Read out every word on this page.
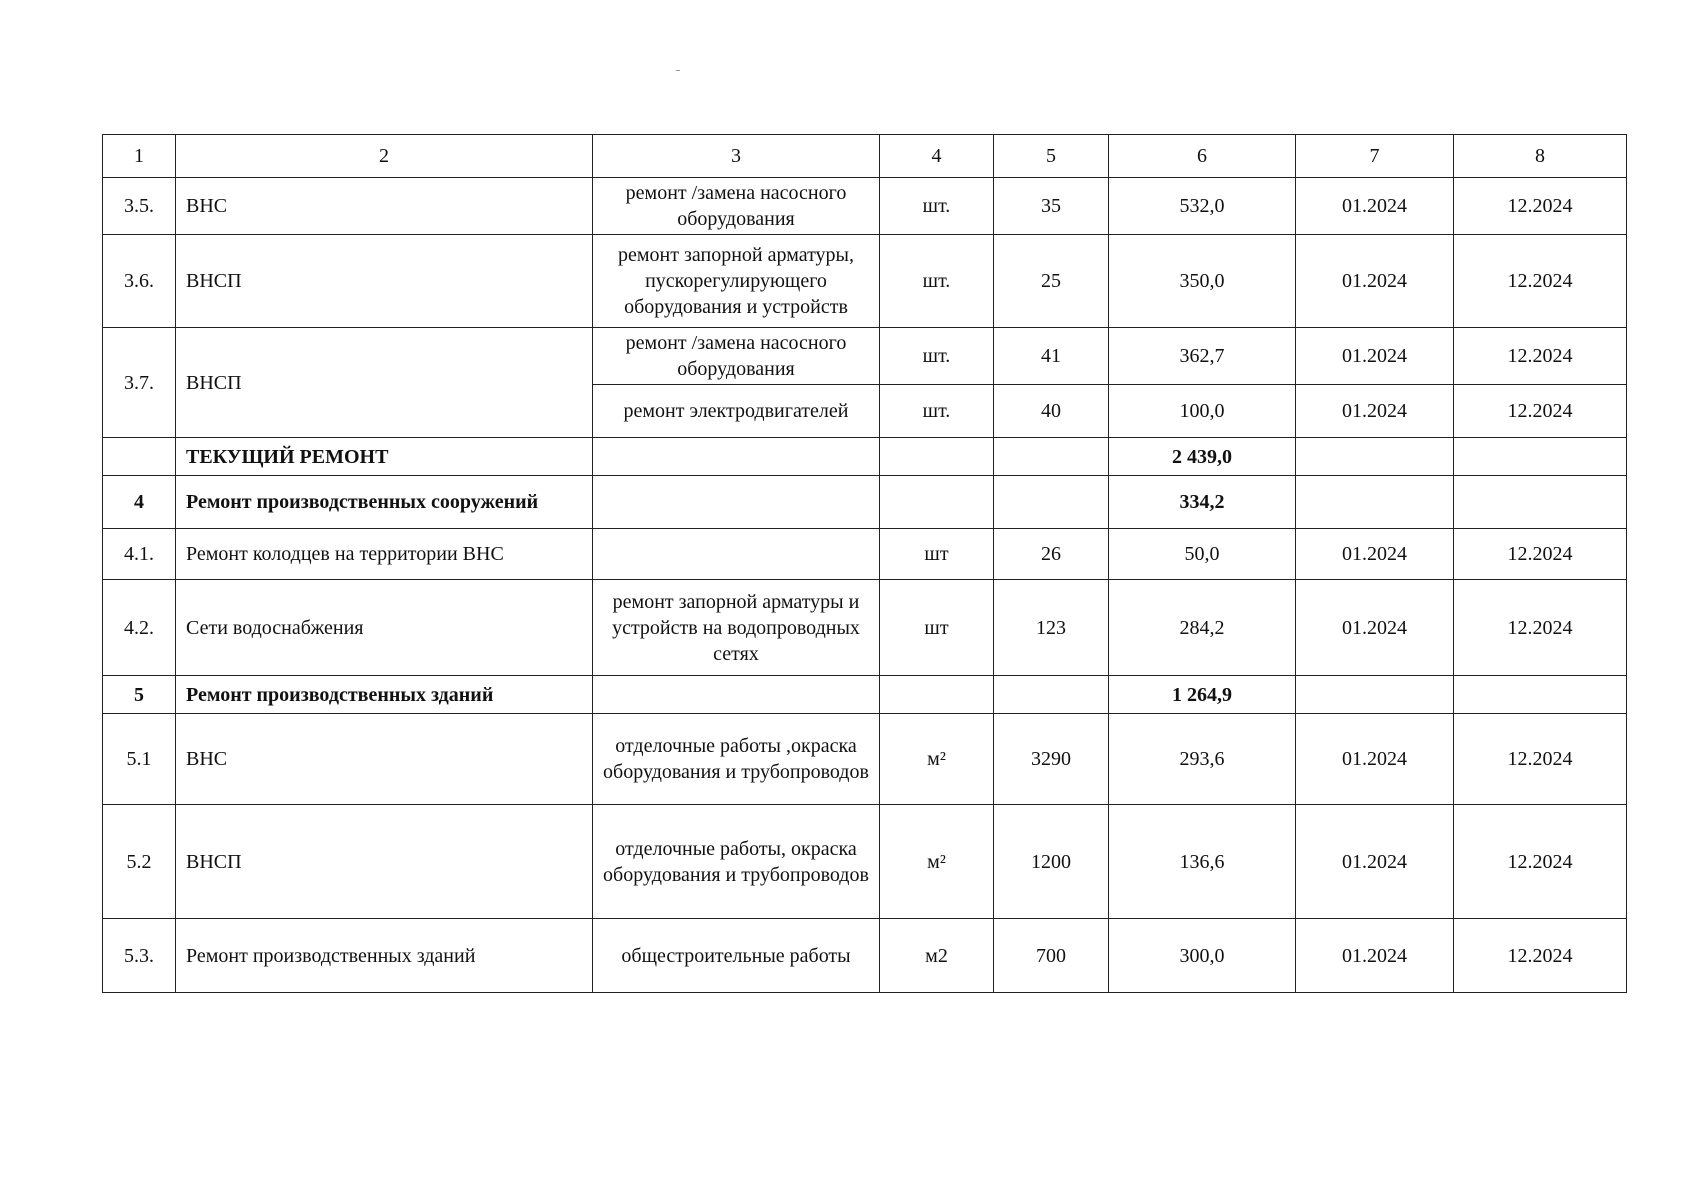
1	2	3	4	5	6	7	8
3.5.	ВНС	ремонт /замена насосного оборудования	шт.	35	532,0	01.2024	12.2024
3.6.	ВНСП	ремонт запорной арматуры, пускорегулирующего оборудования и устройств	шт.	25	350,0	01.2024	12.2024
3.7.	ВНСП	ремонт /замена насосного оборудования	шт.	41	362,7	01.2024	12.2024
		ремонт электродвигателей	шт.	40	100,0	01.2024	12.2024
	ТЕКУЩИЙ РЕМОНТ				2 439,0		
4	Ремонт производственных сооружений				334,2		
4.1.	Ремонт колодцев на территории ВНС		шт	26	50,0	01.2024	12.2024
4.2.	Сети водоснабжения	ремонт запорной арматуры и устройств на водопроводных сетях	шт	123	284,2	01.2024	12.2024
5	Ремонт производственных зданий				1 264,9		
5.1	ВНС	отделочные работы ,окраска оборудования и трубопроводов	м²	3290	293,6	01.2024	12.2024
5.2	ВНСП	отделочные работы, окраска оборудования и трубопроводов	м²	1200	136,6	01.2024	12.2024
5.3.	Ремонт производственных зданий	общестроительные работы	м2	700	300,0	01.2024	12.2024
